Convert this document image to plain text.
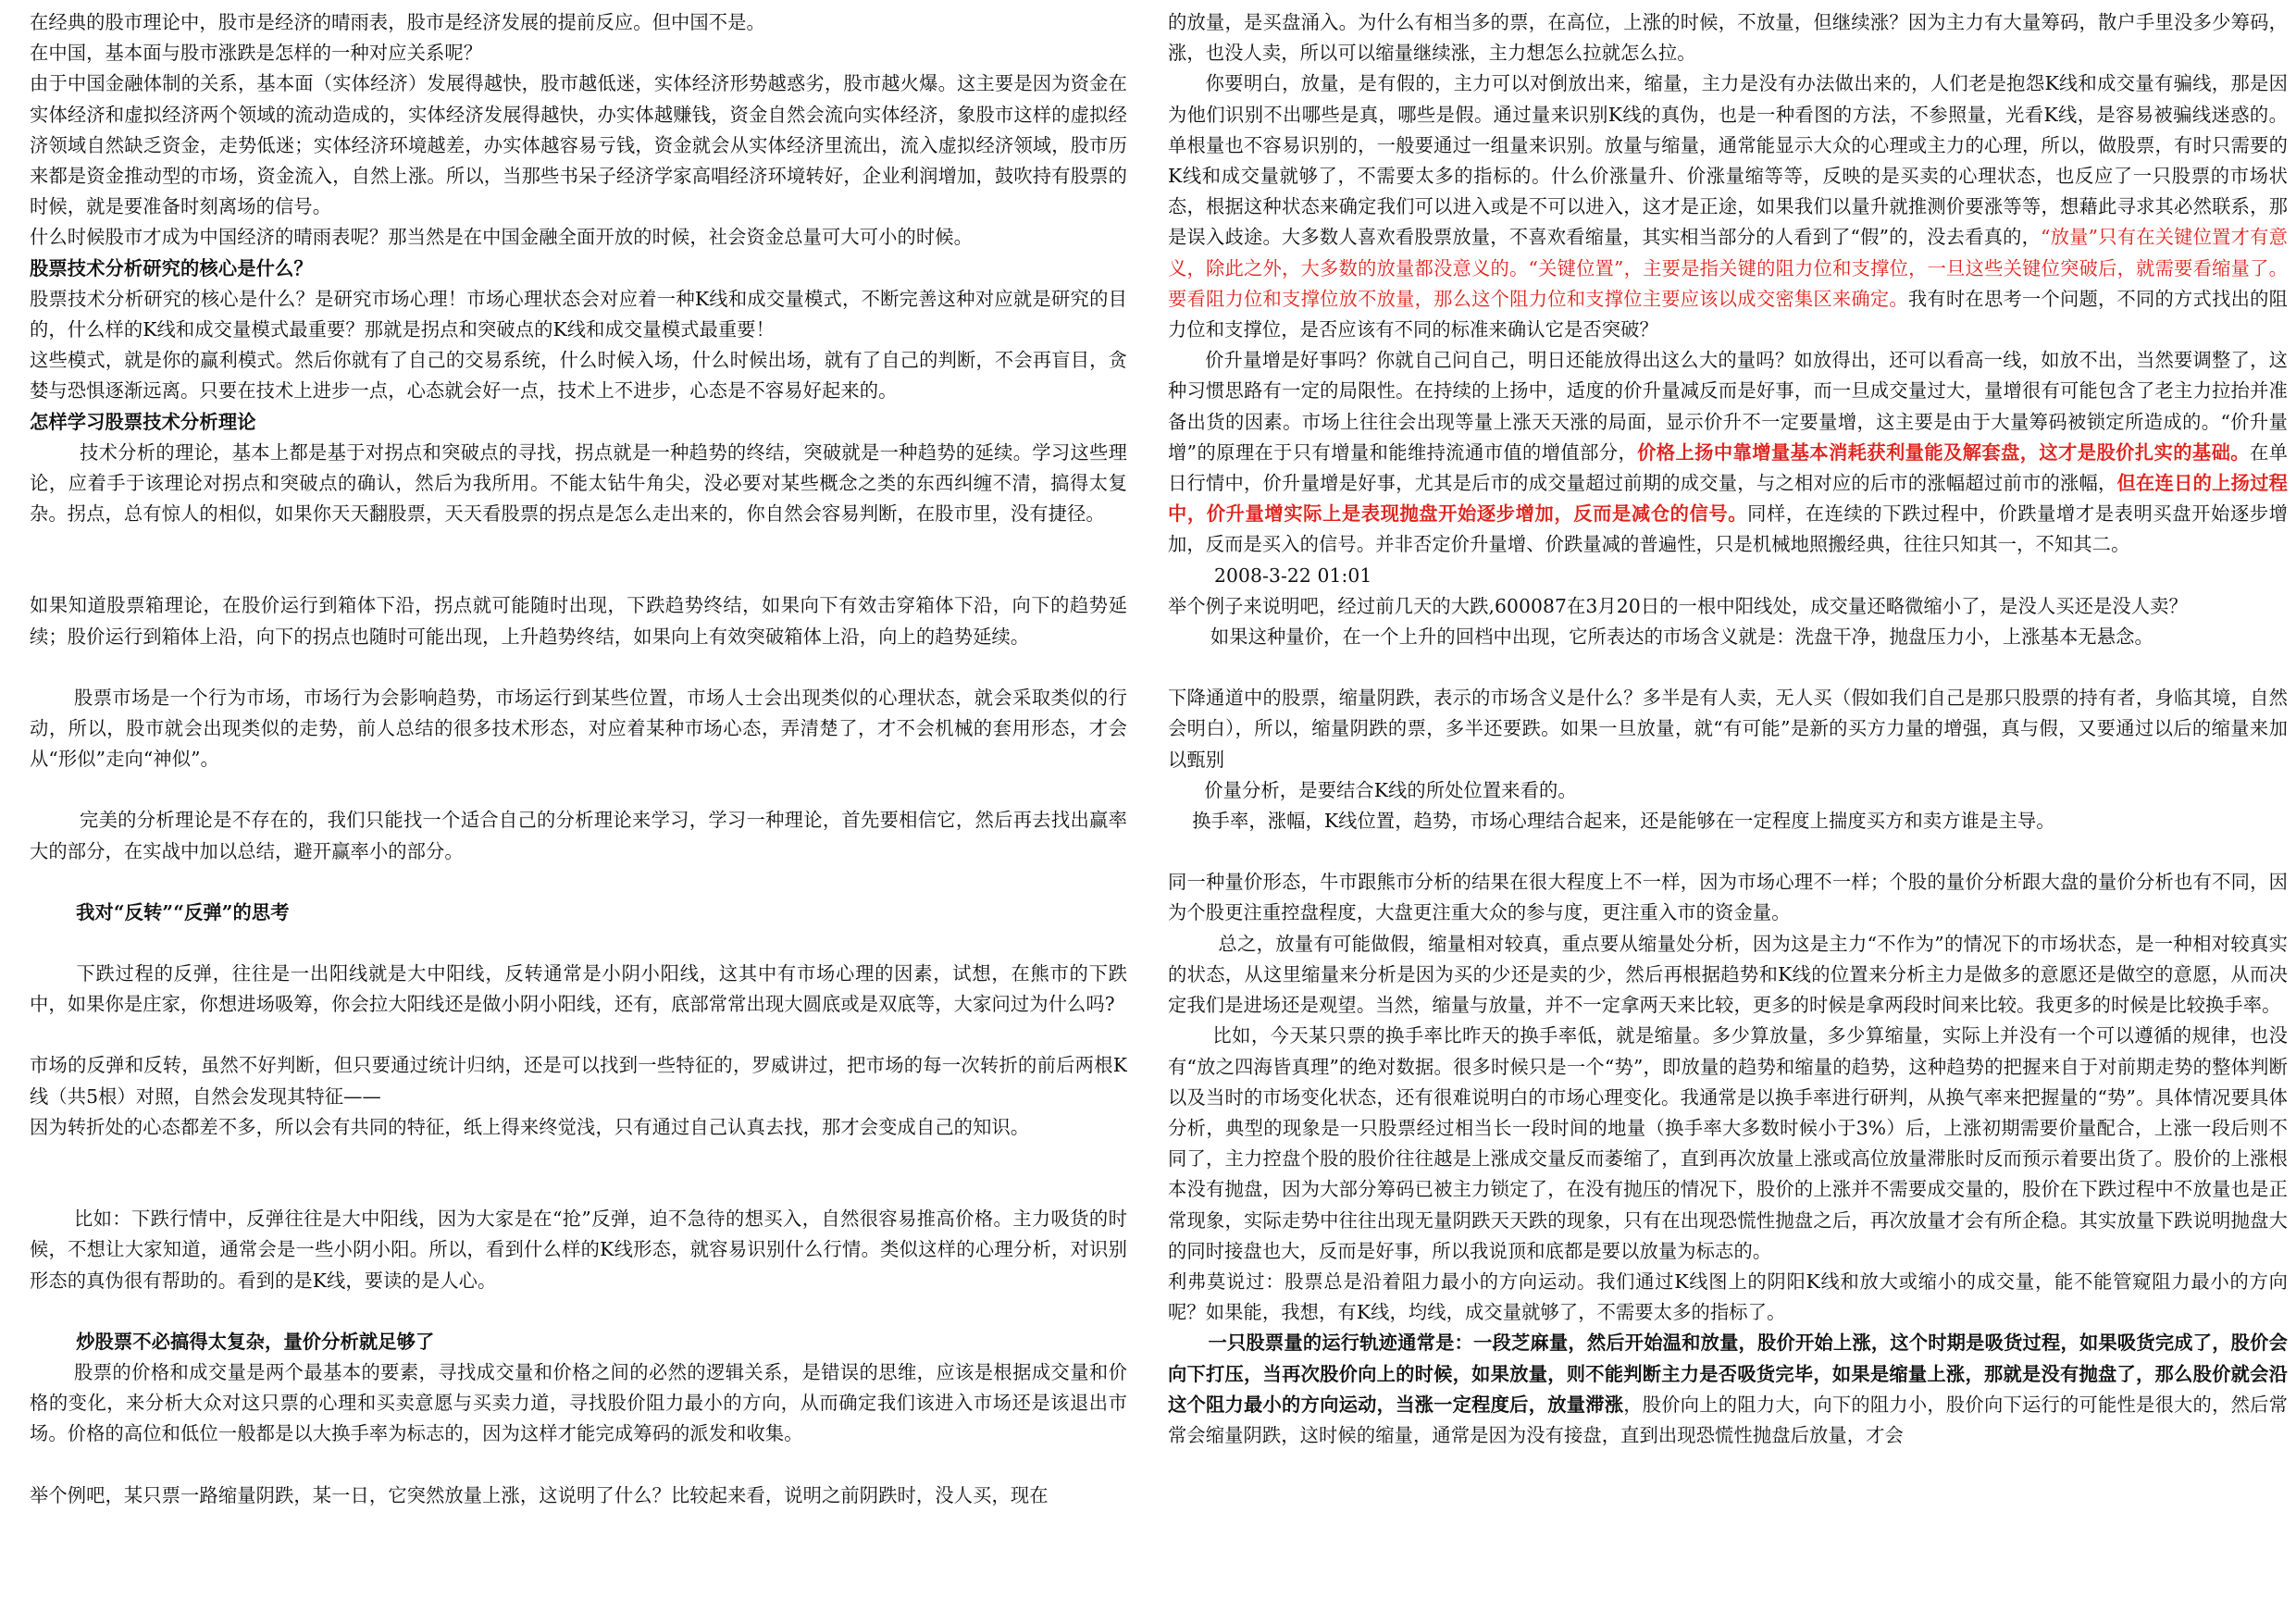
在经典的股市理论中，股市是经济的晴雨表，股市是经济发展的提前反应。但中国不是。

在中国，基本面与股市涨跌是怎样的一种对应关系呢？

由于中国金融体制的关系，基本面（实体经济）发展得越快，股市越低迷，实体经济形势越惑劣，股市越火爆。这主要是因为资金在实体经济和虚拟经济两个领域的流动造成的，实体经济发展得越快，办实体越赚钱，资金自然会流向实体经济，象股市这样的虚拟经济领域自然缺乏资金，走势低迷；实体经济环境越差，办实体越容易亏钱，资金就会从实体经济里流出，流入虚拟经济领域，股市历来都是资金推动型的市场，资金流入，自然上涨。所以，当那些书呆子经济学家高唱经济环境转好，企业利润增加，鼓吹持有股票的时候，就是要准备时刻离场的信号。

什么时候股市才成为中国经济的晴雨表呢？那当然是在中国金融全面开放的时候，社会资金总量可大可小的时候。

股票技术分析研究的核心是什么？

股票技术分析研究的核心是什么？是研究市场心理！市场心理状态会对应着一种K线和成交量模式，不断完善这种对应就是研究的目的，什么样的K线和成交量模式最重要？那就是拐点和突破点的K线和成交量模式最重要！

这些模式，就是你的赢利模式。然后你就有了自己的交易系统，什么时候入场，什么时候出场，就有了自己的判断，不会再盲目，贪婪与恐惧逐渐远离。只要在技术上进步一点，心态就会好一点，技术上不进步，心态是不容易好起来的。

怎样学习股票技术分析理论

技术分析的理论，基本上都是基于对拐点和突破点的寻找，拐点就是一种趋势的终结，突破就是一种趋势的延续。学习这些理论，应着手于该理论对拐点和突破点的确认，然后为我所用。不能太钻牛角尖，没必要对某些概念之类的东西纠缠不清，搞得太复杂。拐点，总有惊人的相似，如果你天天翻股票，天天看股票的拐点是怎么走出来的，你自然会容易判断，在股市里，没有捷径。

如果知道股票箱理论，在股价运行到箱体下沿，拐点就可能随时出现，下跌趋势终结，如果向下有效击穿箱体下沿，向下的趋势延续；股价运行到箱体上沿，向下的拐点也随时可能出现，上升趋势终结，如果向上有效突破箱体上沿，向上的趋势延续。

股票市场是一个行为市场，市场行为会影响趋势，市场运行到某些位置，市场人士会出现类似的心理状态，就会采取类似的行动，所以，股市就会出现类似的走势，前人总结的很多技术形态，对应着某种市场心态，弄清楚了，才不会机械的套用形态，才会从“形似”走向“神似”。

完美的分析理论是不存在的，我们只能找一个适合自己的分析理论来学习，学习一种理论，首先要相信它，然后再去找出赢率大的部分，在实战中加以总结，避开赢率小的部分。

我对“反转”“反弹”的思考

下跌过程的反弹，往往是一出阳线就是大中阳线，反转通常是小阴小阳线，这其中有市场心理的因素，试想，在熊市的下跌中，如果你是庄家，你想进场吸筹，你会拉大阳线还是做小阴小阳线，还有，底部常常出现大圆底或是双底等，大家问过为什么吗?

市场的反弹和反转，虽然不好判断，但只要通过统计归纳，还是可以找到一些特征的，罗威讲过，把市场的每一次转折的前后两根K线（共5根）对照，自然会发现其特征——

因为转折处的心态都差不多，所以会有共同的特征，纸上得来终觉浅，只有通过自己认真去找，那才会变成自己的知识。

比如：下跌行情中，反弹往往是大中阳线，因为大家是在“抢”反弹，迫不急待的想买入，自然很容易推高价格。主力吸货的时候，不想让大家知道，通常会是一些小阴小阳。所以，看到什么样的K线形态，就容易识别什么行情。类似这样的心理分析，对识别形态的真伪很有帮助的。看到的是K线，要读的是人心。

炒股票不必搞得太复杂，量价分析就足够了

股票的价格和成交量是两个最基本的要素，寻找成交量和价格之间的必然的逻辑关系，是错误的思维，应该是根据成交量和价格的变化，来分析大众对这只票的心理和买卖意愿与买卖力道，寻找股价阻力最小的方向，从而确定我们该进入市场还是该退出市场。价格的高位和低位一般都是以大换手率为标志的，因为这样才能完成筹码的派发和收集。

举个例吧，某只票一路缩量阴跌，某一日，它突然放量上涨，这说明了什么？比较起来看，说明之前阴跌时，没人买，现在

的放量，是买盘涌入。为什么有相当多的票，在高位，上涨的时候，不放量，但继续涨？因为主力有大量筹码，散户手里没多少筹码，涨，也没人卖，所以可以缩量继续涨，主力想怎么拉就怎么拉。

你要明白，放量，是有假的，主力可以对倒放出来，缩量，主力是没有办法做出来的，人们老是抱怨K线和成交量有骗线，那是因为他们识别不出哪些是真，哪些是假。通过量来识别K线的真伪，也是一种看图的方法，不参照量，光看K线，是容易被骗线迷惑的。单根量也不容易识别的，一般要通过一组量来识别。放量与缩量，通常能显示大众的心理或主力的心理，所以，做股票，有时只需要的K线和成交量就够了，不需要太多的指标的。什么价涨量升、价涨量缩等等，反映的是买卖的心理状态，也反应了一只股票的市场状态，根据这种状态来确定我们可以进入或是不可以进入，这才是正途，如果我们以量升就推测价要涨等等，想藉此寻求其必然联系，那是误入歧途。大多数人喜欢看股票放量，不喜欢看缩量，其实相当部分的人看到了“假”的，没去看真的，“放量”只有在关键位置才有意义，除此之外，大多数的放量都没意义的。“关键位置”，主要是指关键的阻力位和支撑位，一旦这些关键位突破后，就需要看缩量了。要看阻力位和支撑位放不放量，那么这个阻力位和支撑位主要应该以成交密集区来确定。我有时在思考一个问题，不同的方式找出的阻力位和支撑位，是否应该有不同的标准来确认它是否突破？

价升量增是好事吗？你就自己问自己，明日还能放得出这么大的量吗？如放得出，还可以看高一线，如放不出，当然要调整了，这种习惯思路有一定的局限性。在持续的上扬中，适度的价升量减反而是好事，而一旦成交量过大，量增很有可能包含了老主力拉抬并准备出货的因素。市场上往往会出现等量上涨天天涨的局面，显示价升不一定要量增，这主要是由于大量筹码被锁定所造成的。“价升量增”的原理在于只有增量和能维持流通市值的增值部分，价格上扬中靠增量基本消耗获利量能及解套盘，这才是股价扎实的基础。在单日行情中，价升量增是好事，尤其是后市的成交量超过前期的成交量，与之相对应的后市的涨幅超过前市的涨幅，但在连日的上扬过程中，价升量增实际上是表现抛盘开始逐步增加，反而是减仓的信号。同样，在连续的下跌过程中，价跌量增才是表明买盘开始逐步增加，反而是买入的信号。并非否定价升量增、价跌量减的普遍性，只是机械地照搬经典，往往只知其一，不知其二。

2008-3-22 01:01

举个例子来说明吧，经过前几天的大跌,600087在3月20日的一根中阳线处，成交量还略微缩小了，是没人买还是没人卖？

如果这种量价，在一个上升的回档中出现，它所表达的市场含义就是：洗盘干净，抛盘压力小，上涨基本无悬念。

下降通道中的股票，缩量阴跌，表示的市场含义是什么？多半是有人卖，无人买（假如我们自己是那只股票的持有者，身临其境，自然会明白），所以，缩量阴跌的票，多半还要跌。如果一旦放量，就“有可能”是新的买方力量的增强，真与假，又要通过以后的缩量来加以甄别

价量分析，是要结合K线的所处位置来看的。

换手率，涨幅，K线位置，趋势，市场心理结合起来，还是能够在一定程度上揣度买方和卖方谁是主导。

同一种量价形态，牛市跟熊市分析的结果在很大程度上不一样，因为市场心理不一样；个股的量价分析跟大盘的量价分析也有不同，因为个股更注重控盘程度，大盘更注重大众的参与度，更注重入市的资金量。

总之，放量有可能做假，缩量相对较真，重点要从缩量处分析，因为这是主力“不作为”的情况下的市场状态，是一种相对较真实的状态，从这里缩量来分析是因为买的少还是卖的少，然后再根据趋势和K线的位置来分析主力是做多的意愿还是做空的意愿，从而决定我们是进场还是观望。当然，缩量与放量，并不一定拿两天来比较，更多的时候是拿两段时间来比较。我更多的时候是比较换手率。

比如，今天某只票的换手率比昨天的换手率低，就是缩量。多少算放量，多少算缩量，实际上并没有一个可以遵循的规律，也没有“放之四海皆真理”的绝对数据。很多时候只是一个“势”，即放量的趋势和缩量的趋势，这种趋势的把握来自于对前期走势的整体判断以及当时的市场变化状态，还有很难说明白的市场心理变化。我通常是以换手率进行研判，从换气率来把握量的“势”。具体情况要具体分析，典型的现象是一只股票经过相当长一段时间的地量（换手率大多数时候小于3%）后，上涨初期需要价量配合，上涨一段后则不同了，主力控盘个股的股价往往越是上涨成交量反而萎缩了，直到再次放量上涨或高位放量滞胀时反而预示着要出货了。股价的上涨根本没有抛盘，因为大部分筹码已被主力锁定了，在没有抛压的情况下，股价的上涨并不需要成交量的，股价在下跌过程中不放量也是正常现象，实际走势中往往出现无量阴跌天天跌的现象，只有在出现恐慌性抛盘之后，再次放量才会有所企稳。其实放量下跌说明抛盘大的同时接盘也大，反而是好事，所以我说顶和底都是要以放量为标志的。

利弗莫说过：股票总是沿着阻力最小的方向运动。我们通过K线图上的阴阳K线和放大或缩小的成交量，能不能管窥阻力最小的方向呢？如果能，我想，有K线，均线，成交量就够了，不需要太多的指标了。

一只股票量的运行轨迹通常是：一段芝麻量，然后开始温和放量，股价开始上涨，这个时期是吸货过程，如果吸货完成了，股价会向下打压，当再次股价向上的时候，如果放量，则不能判断主力是否吸货完毕，如果是缩量上涨，那就是没有抛盘了，那么股价就会沿这个阻力最小的方向运动，当涨一定程度后，放量滞涨，股价向上的阻力大，向下的阻力小，股价向下运行的可能性是很大的，然后常常会缩量阴跌，这时候的缩量，通常是因为没有接盘，直到出现恐慌性抛盘后放量，才会
